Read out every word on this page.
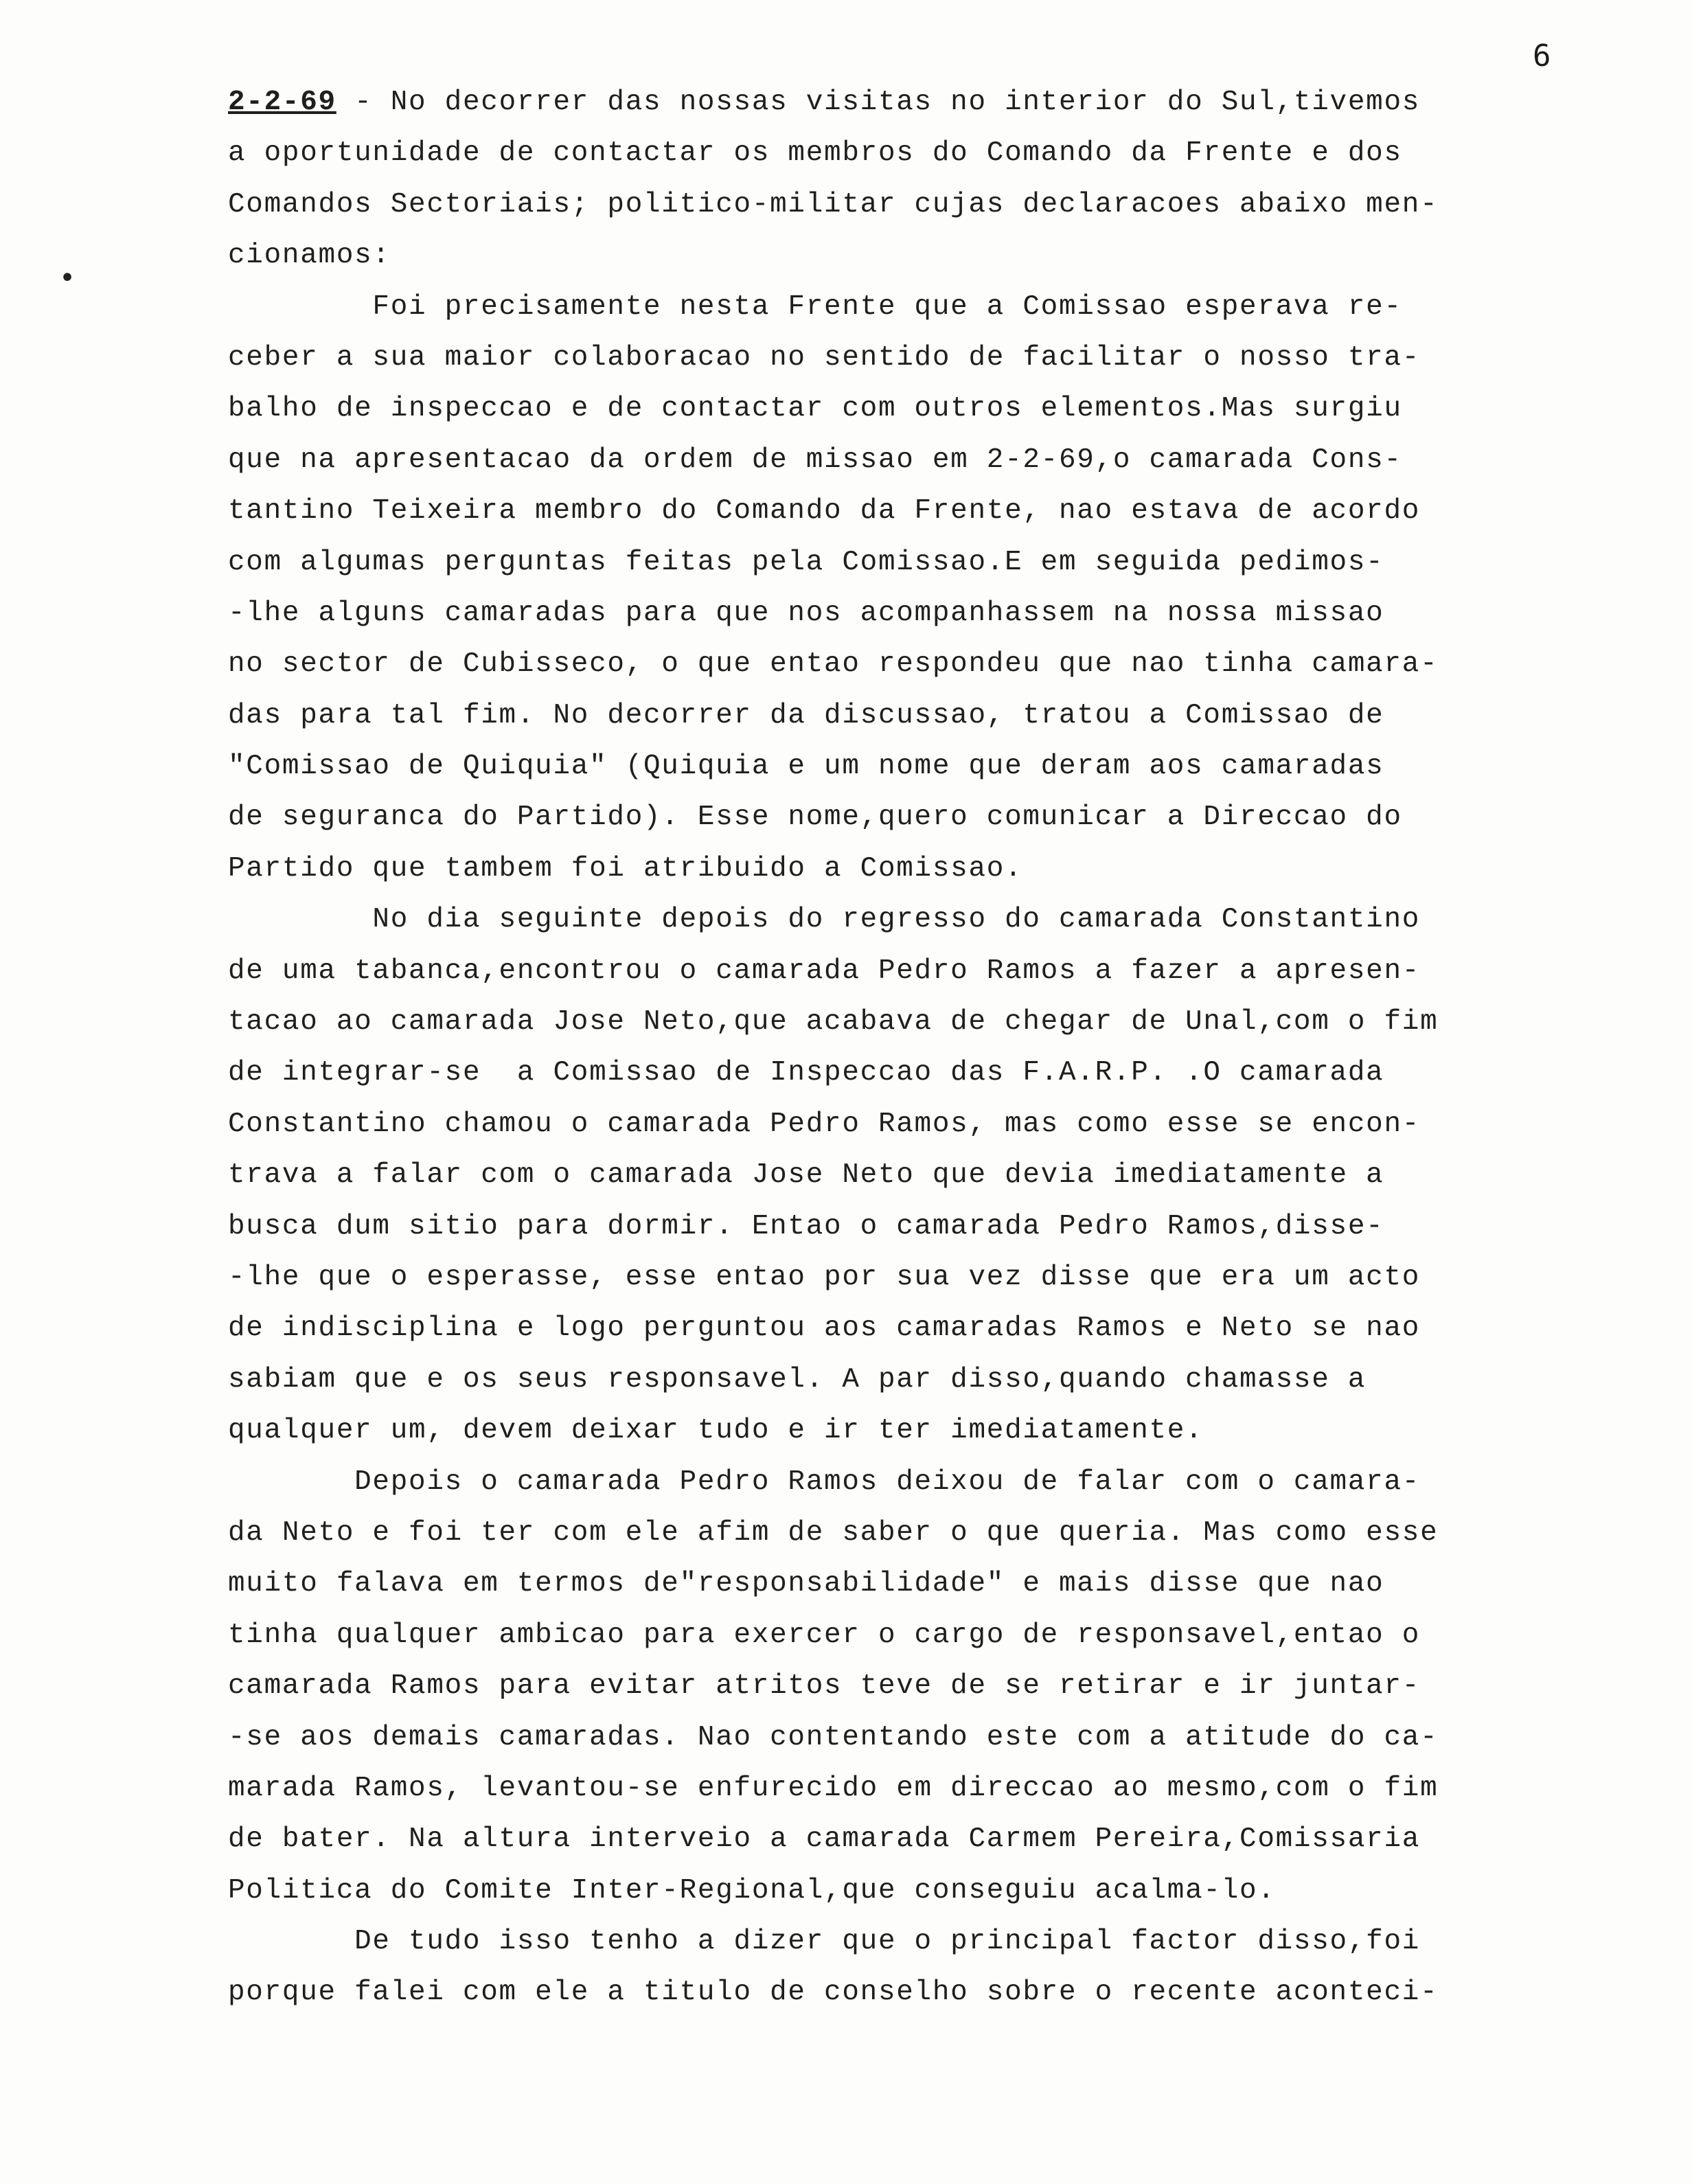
6
•
2-2-69 - No decorrer das nossas visitas no interior do Sul,tivemos
a oportunidade de contactar os membros do Comando da Frente e dos
Comandos Sectoriais; politico-militar cujas declaracoes abaixo men-
cionamos:
Foi precisamente nesta Frente que a Comissao esperava re-
ceber a sua maior colaboracao no sentido de facilitar o nosso tra-
balho de inspeccao e de contactar com outros elementos.Mas surgiu
que na apresentacao da ordem de missao em 2-2-69,o camarada Cons-
tantino Teixeira membro do Comando da Frente, nao estava de acordo
com algumas perguntas feitas pela Comissao.E em seguida pedimos-
-lhe alguns camaradas para que nos acompanhassem na nossa missao
no sector de Cubisseco, o que entao respondeu que nao tinha camara-
das para tal fim. No decorrer da discussao, tratou a Comissao de
"Comissao de Quiquia" (Quiquia e um nome que deram aos camaradas
de seguranca do Partido). Esse nome,quero comunicar a Direccao do
Partido que tambem foi atribuido a Comissao.
No dia seguinte depois do regresso do camarada Constantino
de uma tabanca,encontrou o camarada Pedro Ramos a fazer a apresen-
tacao ao camarada Jose Neto,que acabava de chegar de Unal,com o fim
de integrar-se  a Comissao de Inspeccao das F.A.R.P. .O camarada
Constantino chamou o camarada Pedro Ramos, mas como esse se encon-
trava a falar com o camarada Jose Neto que devia imediatamente a
busca dum sitio para dormir. Entao o camarada Pedro Ramos,disse-
-lhe que o esperasse, esse entao por sua vez disse que era um acto
de indisciplina e logo perguntou aos camaradas Ramos e Neto se nao
sabiam que e os seus responsavel. A par disso,quando chamasse a
qualquer um, devem deixar tudo e ir ter imediatamente.
Depois o camarada Pedro Ramos deixou de falar com o camara-
da Neto e foi ter com ele afim de saber o que queria. Mas como esse
muito falava em termos de"responsabilidade" e mais disse que nao
tinha qualquer ambicao para exercer o cargo de responsavel,entao o
camarada Ramos para evitar atritos teve de se retirar e ir juntar-
-se aos demais camaradas. Nao contentando este com a atitude do ca-
marada Ramos, levantou-se enfurecido em direccao ao mesmo,com o fim
de bater. Na altura interveio a camarada Carmem Pereira,Comissaria
Politica do Comite Inter-Regional,que conseguiu acalma-lo.
De tudo isso tenho a dizer que o principal factor disso,foi
porque falei com ele a titulo de conselho sobre o recente aconteci-
